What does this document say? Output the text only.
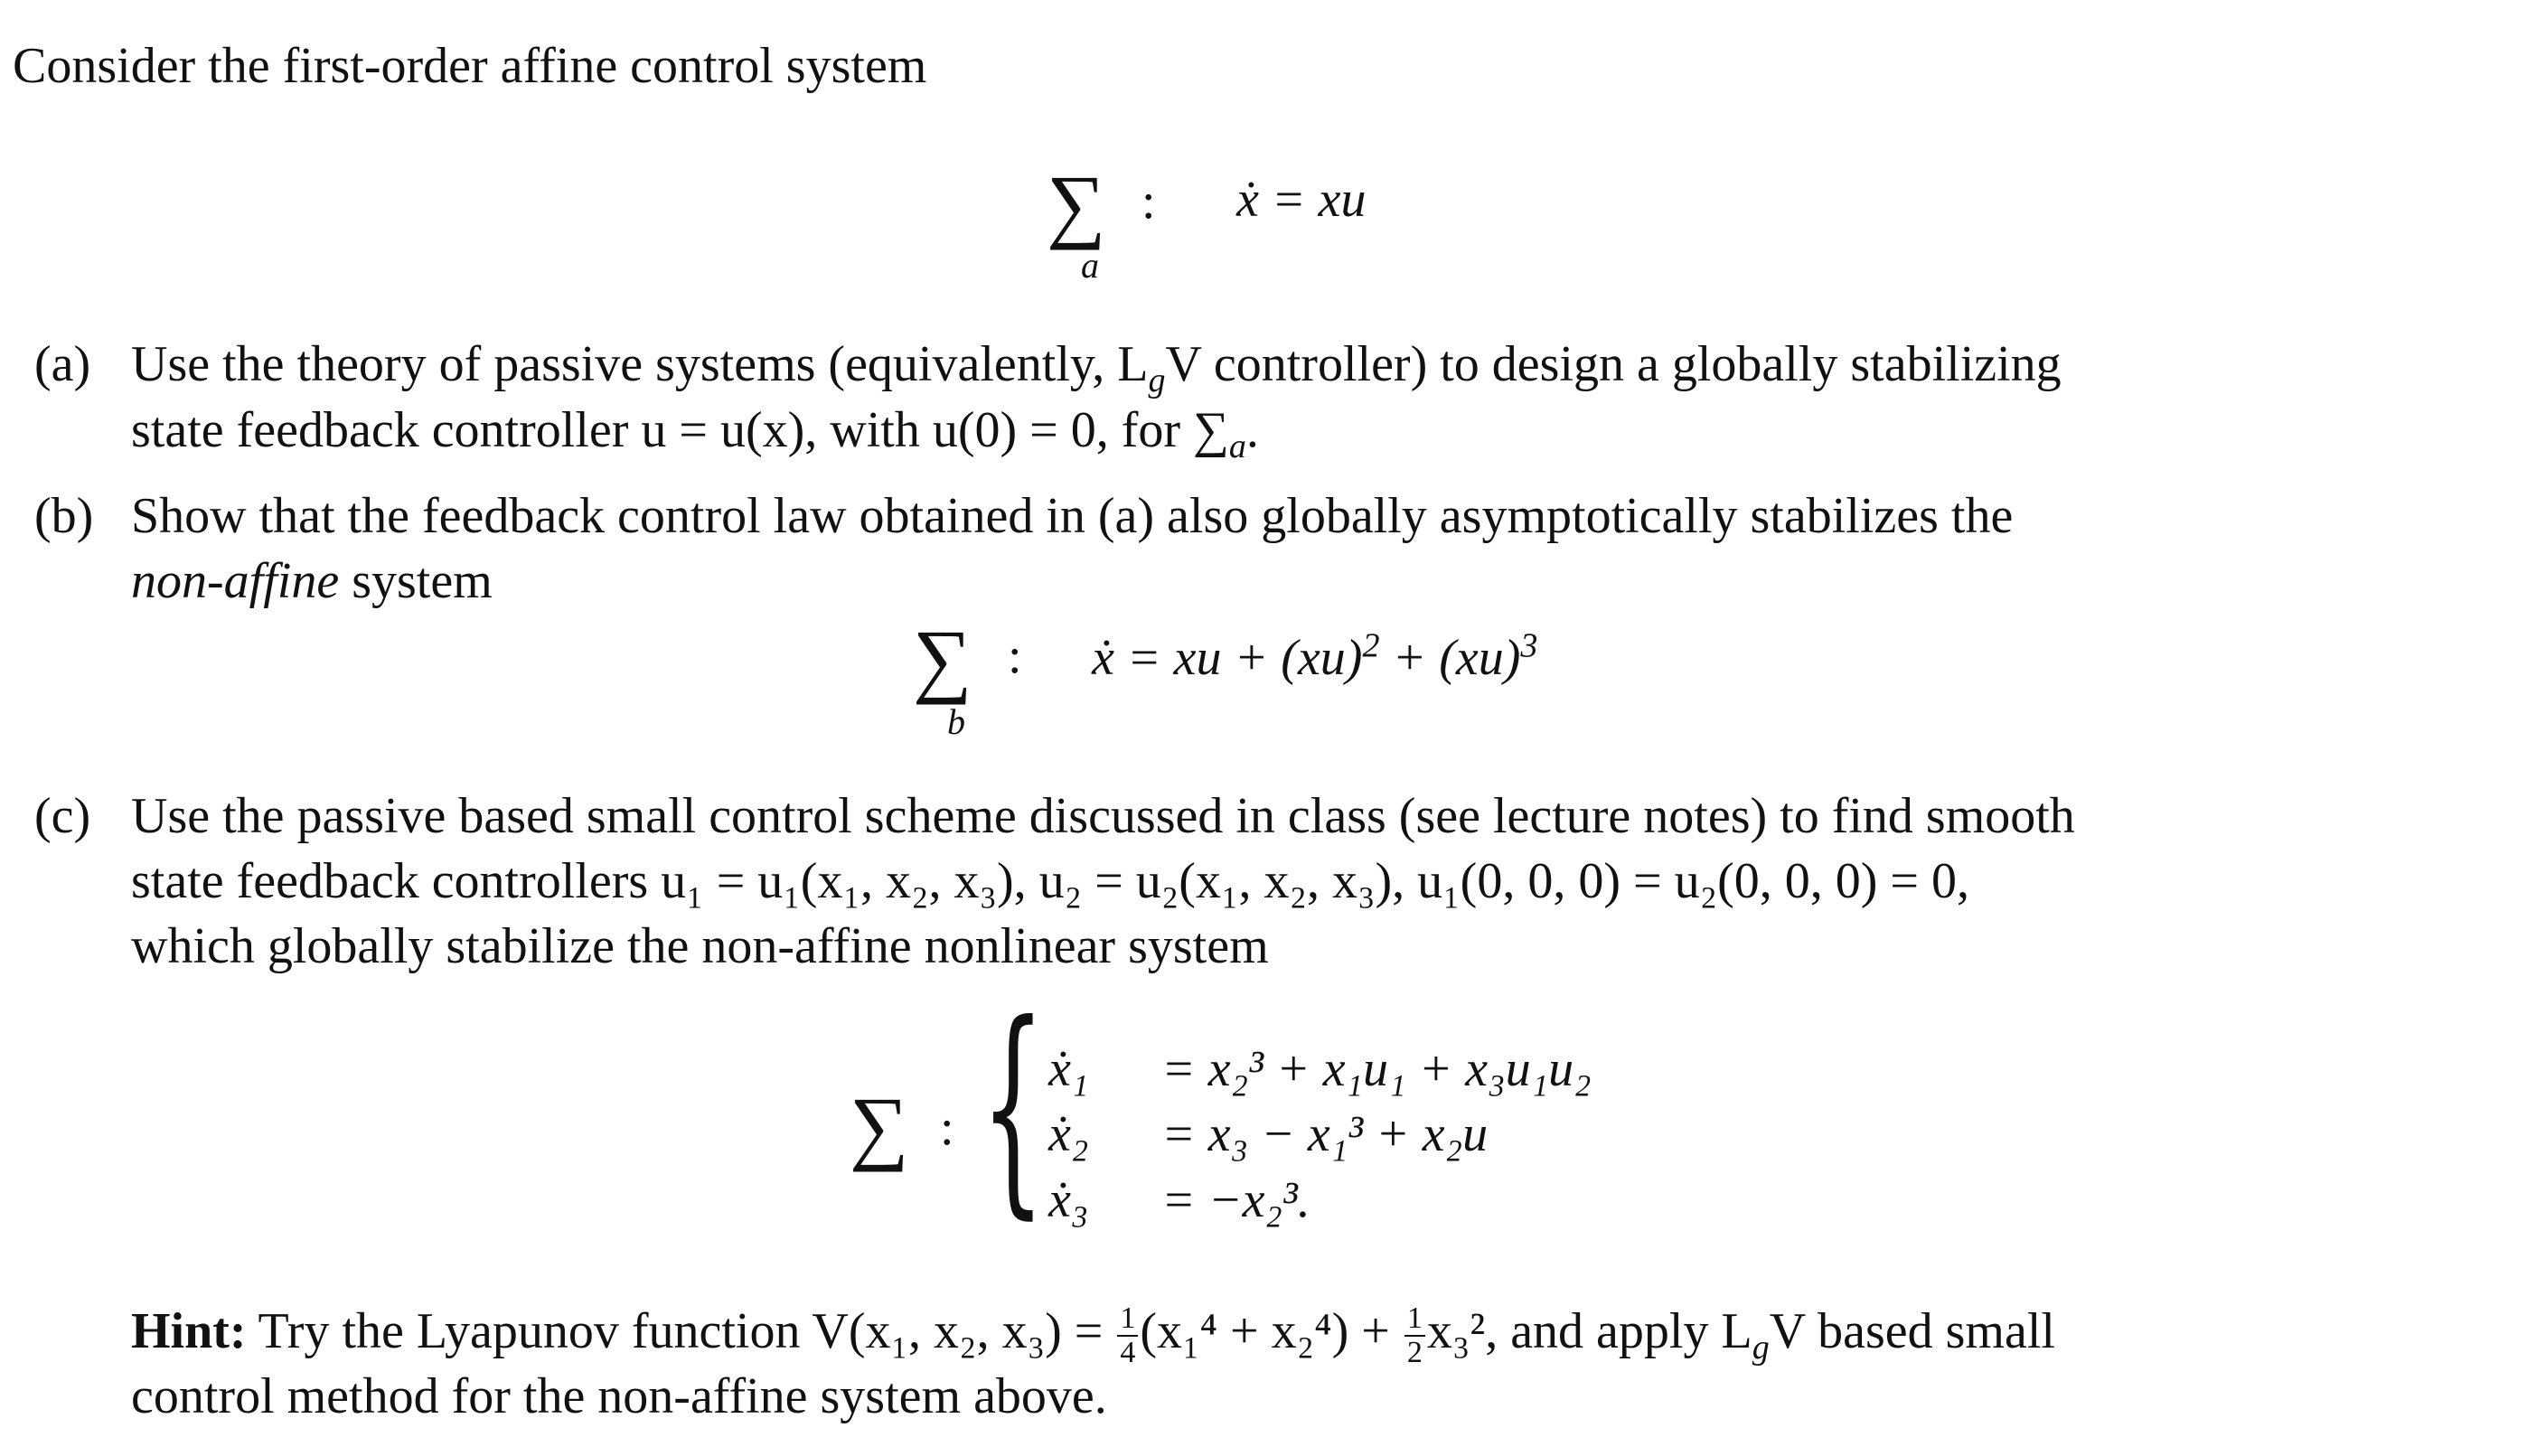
Consider the first-order affine control system
∑ :
a
ẋ = xu
(a) Use the theory of passive systems (equivalently, $L_gV$ controller) to design a globally stabilizing
state feedback controller u = u(x), with u(0) = 0, for $\sum_a$.
(b) Show that the feedback control law obtained in (a) also globally asymptotically stabilizes the
non-affine system
∑ :
b
ẋ = xu + (xu)$^2$ + (xu)$^3$
(c) Use the passive based small control scheme discussed in class (see lecture notes) to find smooth
state feedback controllers u₁ = u₁(x₁, x₂, x₃), u₂ = u₂(x₁, x₂, x₃), u₁(0, 0, 0) = u₂(0, 0, 0) = 0,
which globally stabilize the non-affine nonlinear system
∑ : { ẋ₁ = x₂³ + x₁u₁ + x₃u₁u₂
ẋ₂ = x₃ − x₁³ + x₂u
ẋ₃ = −x₂³.
Hint: Try the Lyapunov function V(x₁, x₂, $x_3) = \frac{1}{4} (x_1^4 + x_2^4) + \frac{1}{2} x_3^2$, and apply $L_gV$ based small
control method for the non-affine system above.
